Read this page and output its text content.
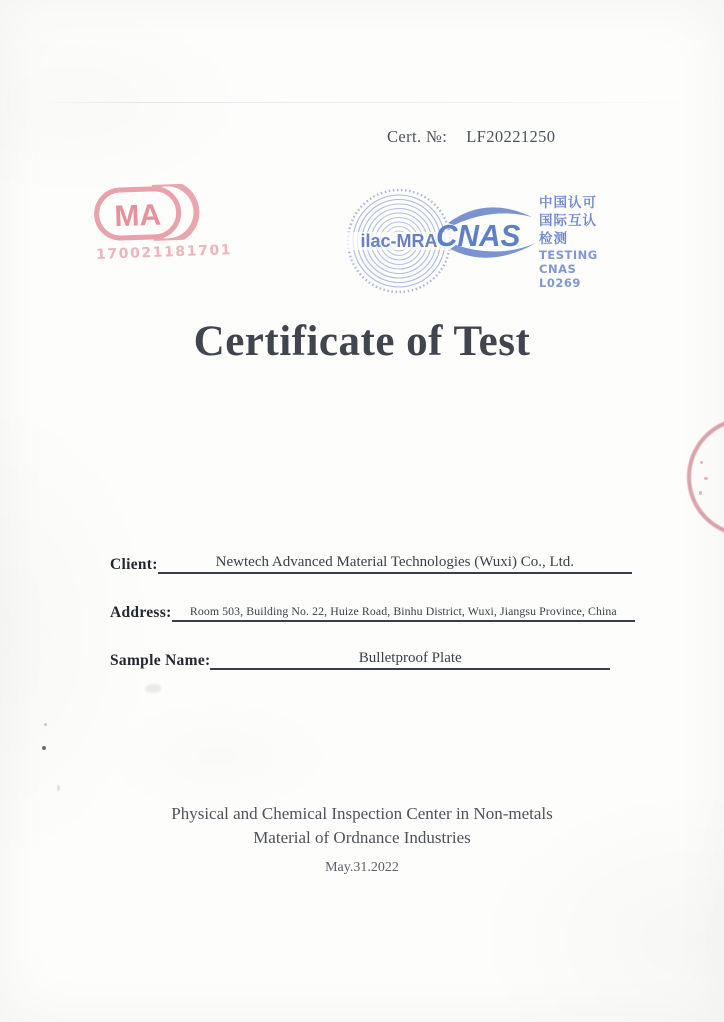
Cert. №: LF20221250
MA
170021181701
ilac-MRA
CNAS
中国认可
国际互认
检测
TESTING
CNAS L0269
Certificate of Test
Client:	Newtech Advanced Material Technologies (Wuxi) Co., Ltd.
Address:	Room 503, Building No. 22, Huize Road, Binhu District, Wuxi, Jiangsu Province, China
Sample Name:	Bulletproof Plate
Physical and Chemical Inspection Center in Non-metals
Material of Ordnance Industries
May.31.2022
